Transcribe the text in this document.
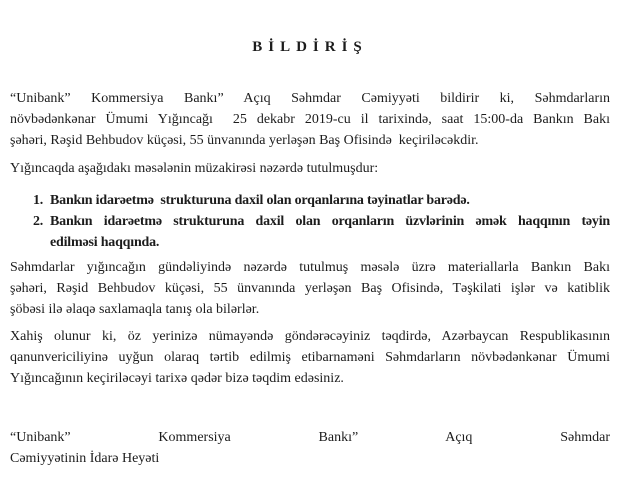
BİLDİRİŞ
“Unibank” Kommersiya Bankı” Açıq Səhmdar Cəmiyyəti bildirir ki, Səhmdarların
növbədənkənar Ümumi Yığıncağı  25 dekabr 2019-cu il tarixində, saat 15:00-da Bankın Bakı
şəhəri, Rəşid Behbudov küçəsi, 55 ünvanında yerləşən Baş Ofisində  keçiriləcəkdir.
Yığıncaqda aşağıdakı məsələnin müzakirəsi nəzərdə tutulmuşdur:
1. Bankın idarəetmə  strukturuna daxil olan orqanlarına təyinatlar barədə.
2. Bankın idarəetmə strukturuna daxil olan orqanların üzvlərinin əmək haqqının təyin
edilməsi haqqında.
Səhmdarlar yığıncağın gündəliyində nəzərdə tutulmuş məsələ üzrə materiallarla Bankın Bakı
şəhəri, Rəşid Behbudov küçəsi, 55 ünvanında yerləşən Baş Ofisində, Təşkilati işlər və katiblik
şöbəsi ilə əlaqə saxlamaqla tanış ola bilərlər.
Xahiş olunur ki, öz yerinizə nümayəndə göndərəcəyiniz təqdirdə, Azərbaycan Respublikasının
qanunvericiliyinə uyğun olaraq tərtib edilmiş etibarnaməni Səhmdarların növbədənkənar Ümumi
Yığıncağının keçiriləcəyi tarixə qədər bizə təqdim edəsiniz.
“Unibank” Kommersiya Bankı” Açıq Səhmdar
Cəmiyyətinin İdarə Heyəti
